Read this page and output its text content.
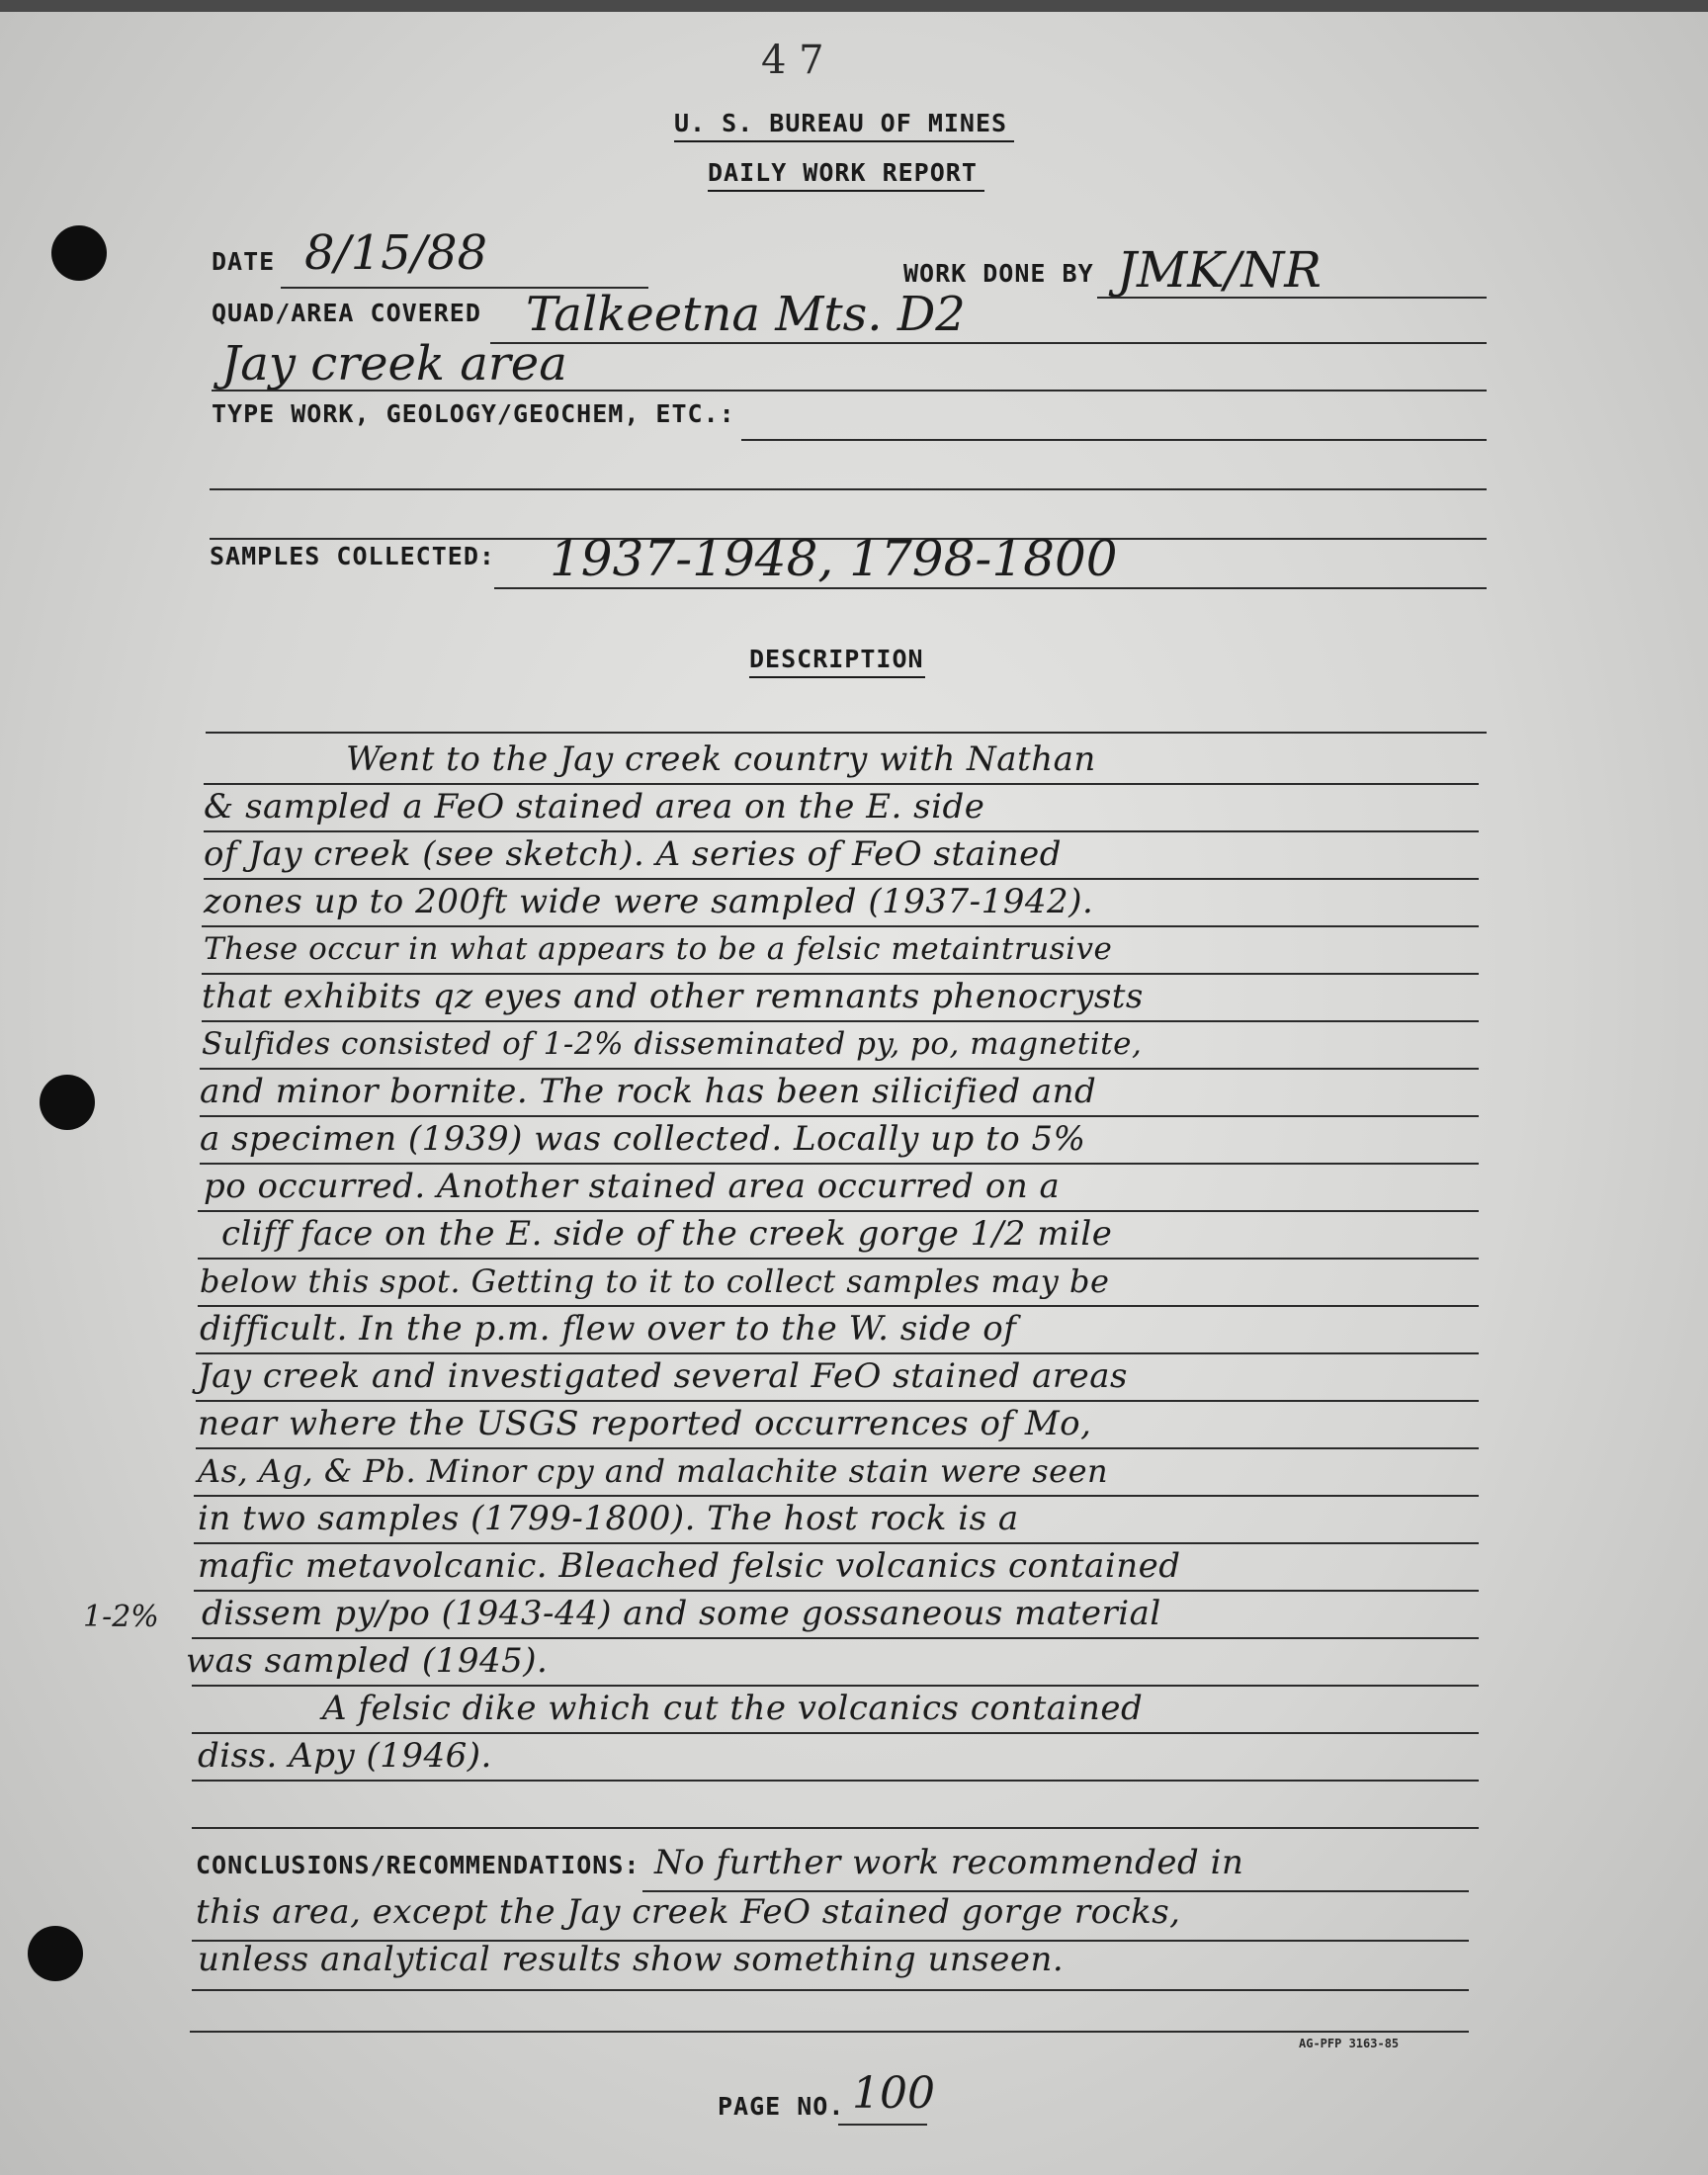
4 7
U. S. BUREAU OF MINES
DAILY WORK REPORT
DATE 8/15/88	WORK DONE BY JMK/NR
QUAD/AREA COVERED Talkeetna Mts. D2
Jay creek area
TYPE WORK, GEOLOGY/GEOCHEM, ETC.:
SAMPLES COLLECTED: 1937-1948, 1798-1800
DESCRIPTION
Went to the Jay creek country with Nathan
& sampled a FeO stained area on the E. side
of Jay creek (see sketch). A series of FeO stained
zones up to 200ft wide were sampled (1937-1942).
These occur in what appears to be a felsic metaintrusive
that exhibits qz eyes and other remnants phenocrysts
Sulfides consisted of 1-2% disseminated py, po, magnetite,
and minor bornite. The rock has been silicified and
a specimen (1939) was collected. Locally up to 5%
po occurred. Another stained area occurred on a
cliff face on the E. side of the creek gorge 1/2 mile
below this spot. Getting to it to collect samples may be
difficult. In the p.m. flew over to the W. side of
Jay creek and investigated several FeO stained areas
near where the USGS reported occurrences of Mo,
As, Ag, & Pb. Minor cpy and malachite stain were seen
in two samples (1799-1800). The host rock is a
mafic metavolcanic. Bleached felsic volcanics contained
1-2% dissem py/po (1943-44) and some gossaneous material
was sampled (1945).
A felsic dike which cut the volcanics contained
diss. Apy (1946).
CONCLUSIONS/RECOMMENDATIONS: No further work recommended in
this area, except the Jay creek FeO stained gorge rocks,
unless analytical results show something unseen.
AG-PFP 3163-85
PAGE NO. 100
